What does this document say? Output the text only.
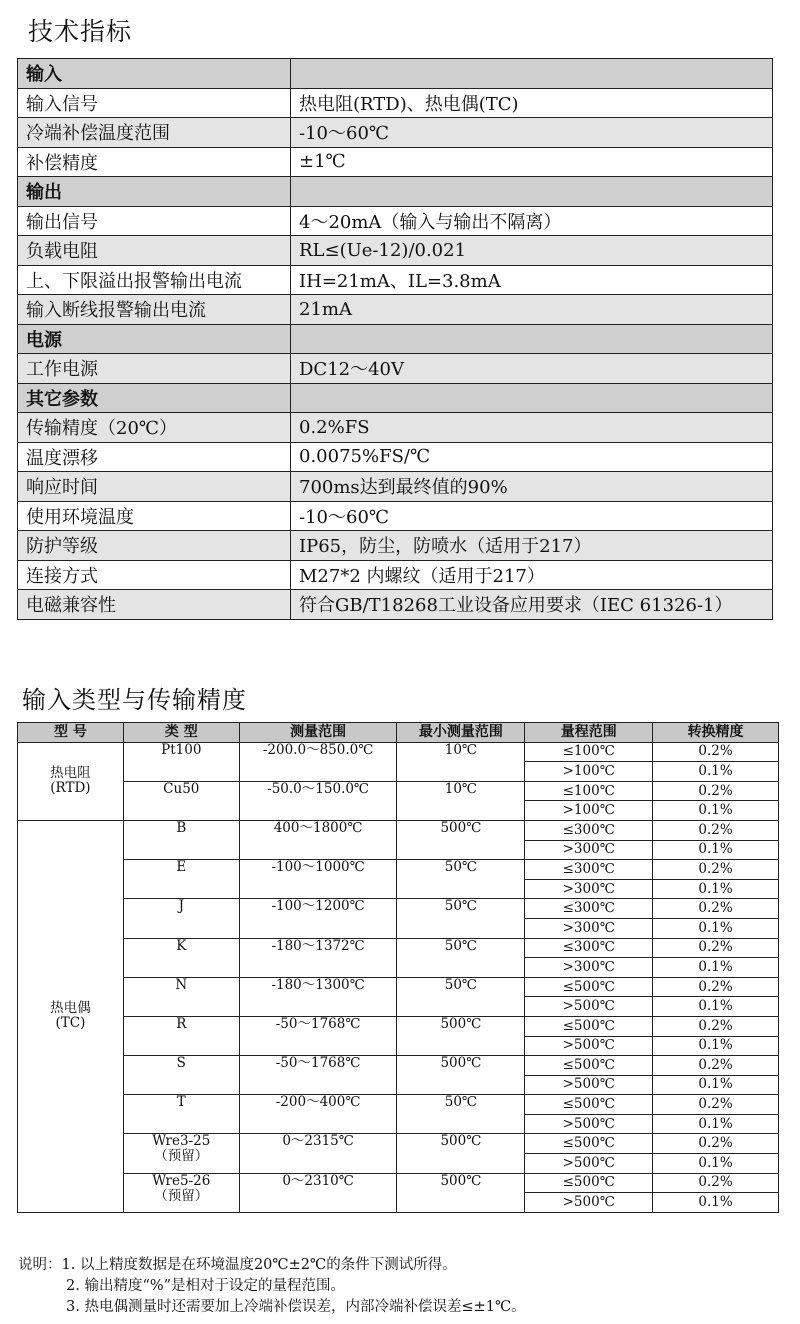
技术指标
输入	
输入信号	热电阻(RTD)、热电偶(TC)
冷端补偿温度范围	-10～60℃
补偿精度	±1℃
输出	
输出信号	4～20mA（输入与输出不隔离）
负载电阻	RL≤(Ue-12)/0.021
上、下限溢出报警输出电流	IH=21mA、IL=3.8mA
输入断线报警输出电流	21mA
电源	
工作电源	DC12～40V
其它参数	
传输精度（20℃）	0.2%FS
温度漂移	0.0075%FS/℃
响应时间	700ms达到最终值的90%
使用环境温度	-10～60℃
防护等级	IP65，防尘，防喷水（适用于217）
连接方式	M27*2 内螺纹（适用于217）
电磁兼容性	符合GB/T18268工业设备应用要求（IEC 61326-1）
输入类型与传输精度
型 号	类 型	测量范围	最小测量范围	量程范围	转换精度
热电阻
(RTD)	Pt100	-200.0～850.0℃	10℃	≤100℃	0.2%
				>100℃	0.1%
	Cu50	-50.0～150.0℃	10℃	≤100℃	0.2%
				>100℃	0.1%
热电偶
(TC)	B	400～1800℃	500℃	≤300℃	0.2%
				>300℃	0.1%
	E	-100～1000℃	50℃	≤300℃	0.2%
				>300℃	0.1%
	J	-100～1200℃	50℃	≤300℃	0.2%
				>300℃	0.1%
	K	-180～1372℃	50℃	≤300℃	0.2%
				>300℃	0.1%
	N	-180～1300℃	50℃	≤500℃	0.2%
				>500℃	0.1%
	R	-50～1768℃	500℃	≤500℃	0.2%
				>500℃	0.1%
	S	-50～1768℃	500℃	≤500℃	0.2%
				>500℃	0.1%
	T	-200～400℃	50℃	≤500℃	0.2%
				>500℃	0.1%
	Wre3-25
（预留）	0～2315℃	500℃	≤500℃	0.2%
				>500℃	0.1%
	Wre5-26
（预留）	0～2310℃	500℃	≤500℃	0.2%
				>500℃	0.1%
说明：1. 以上精度数据是在环境温度20℃±2℃的条件下测试所得。
2. 输出精度“%”是相对于设定的量程范围。
3. 热电偶测量时还需要加上冷端补偿误差，内部冷端补偿误差≤±1℃。
